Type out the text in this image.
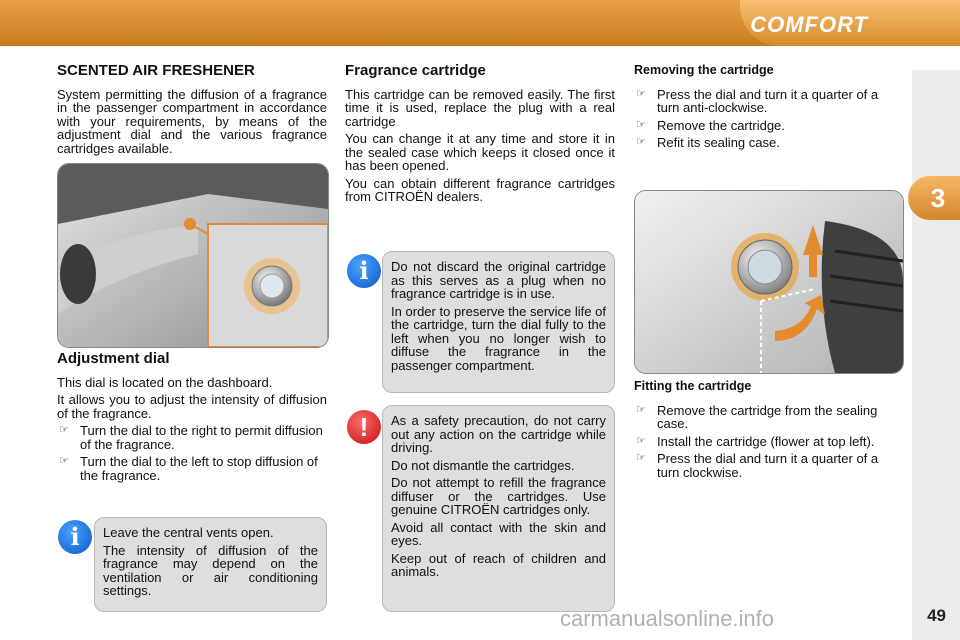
COMFORT
3
SCENTED AIR FRESHENER

System permitting the diffusion of a fragrance in the passenger compartment in accordance with your requirements, by means of the adjustment dial and the various fragrance cartridges available.

Adjustment dial

This dial is located on the dashboard.

It allows you to adjust the intensity of diffusion of the fragrance.

☞ Turn the dial to the right to permit diffusion of the fragrance.
☞ Turn the dial to the left to stop diffusion of the fragrance.
i	Leave the central vents open.

The intensity of diffusion of the fragrance may depend on the ventilation or air conditioning settings.

Fragrance cartridge

This cartridge can be removed easily. The first time it is used, replace the plug with a real cartridge

You can change it at any time and store it in the sealed case which keeps it closed once it has been opened.

You can obtain different fragrance cartridges from CITROËN dealers.

i	Do not discard the original cartridge as this serves as a plug when no fragrance cartridge is in use.

In order to preserve the service life of the cartridge, turn the dial fully to the left when you no longer wish to diffuse the fragrance in the passenger compartment.

!	As a safety precaution, do not carry out any action on the cartridge while driving.

Do not dismantle the cartridges.

Do not attempt to refill the fragrance diffuser or the cartridges. Use genuine CITROËN cartridges only.

Avoid all contact with the skin and eyes.

Keep out of reach of children and animals.

Removing the cartridge
☞ Press the dial and turn it a quarter of a turn anti-clockwise.
☞ Remove the cartridge.
☞ Refit its sealing case.
Fitting the cartridge
☞ Remove the cartridge from the sealing case.
☞ Install the cartridge (flower at top left).
☞ Press the dial and turn it a quarter of a turn clockwise.
carmanualsonline.info	49
